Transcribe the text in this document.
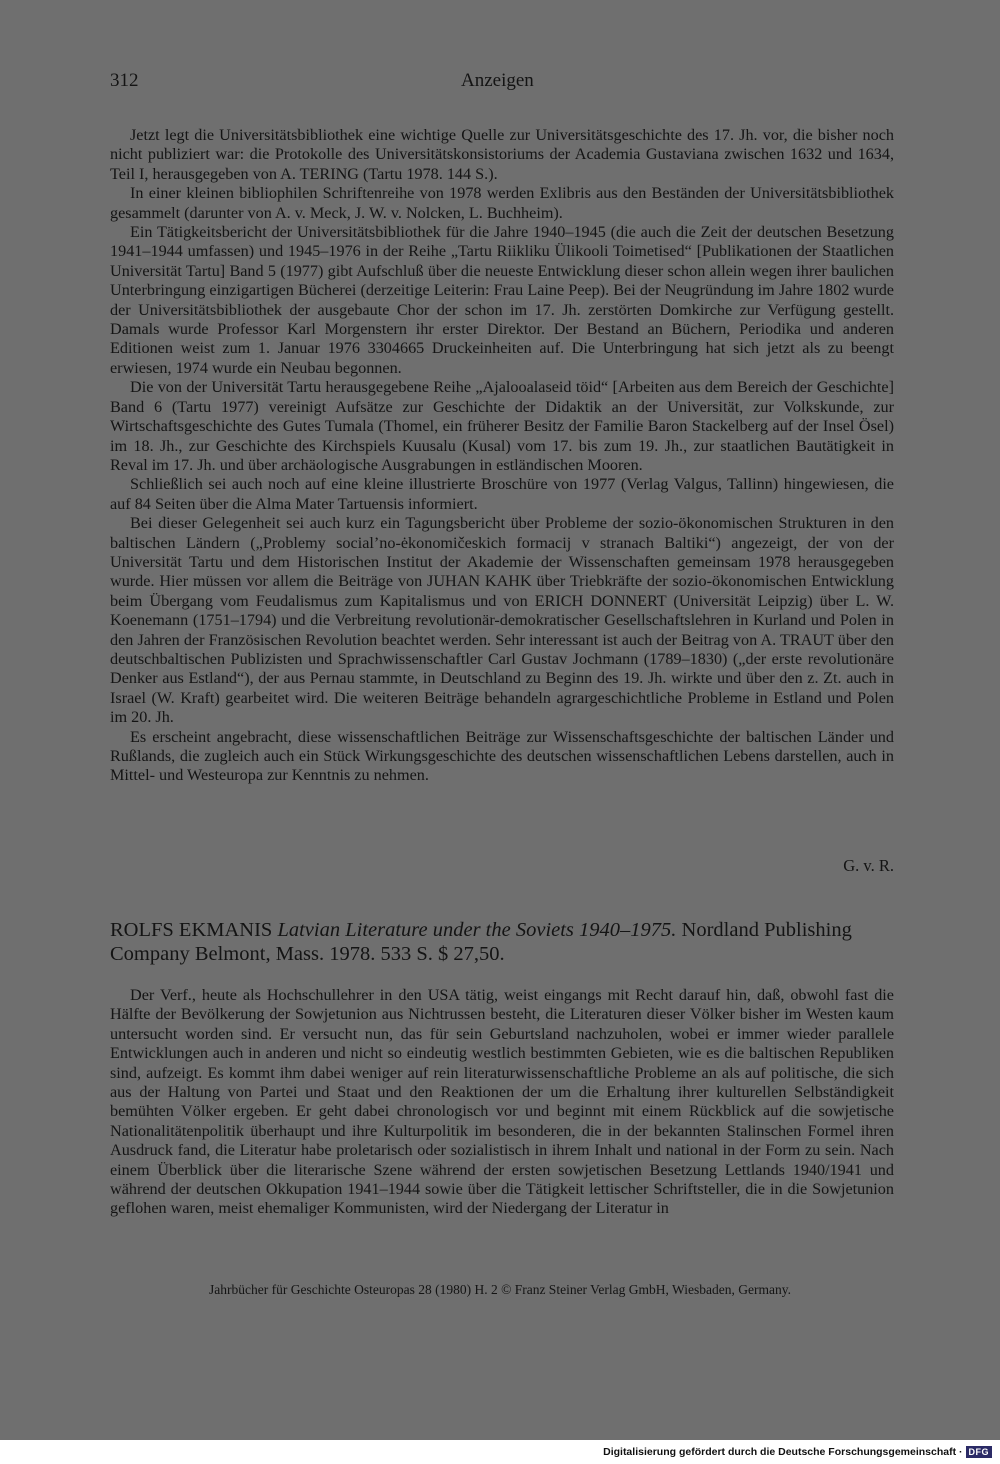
312	Anzeigen

Jetzt legt die Universitätsbibliothek eine wichtige Quelle zur Universitätsgeschichte des 17. Jh. vor, die bisher noch nicht publiziert war: die Protokolle des Universitätskonsistoriums der Academia Gustaviana zwischen 1632 und 1634, Teil I, herausgegeben von A. TERING (Tartu 1978. 144 S.).

In einer kleinen bibliophilen Schriftenreihe von 1978 werden Exlibris aus den Beständen der Universitätsbibliothek gesammelt (darunter von A. v. Meck, J. W. v. Nolcken, L. Buchheim).

Ein Tätigkeitsbericht der Universitätsbibliothek für die Jahre 1940–1945 (die auch die Zeit der deutschen Besetzung 1941–1944 umfassen) und 1945–1976 in der Reihe „Tartu Riikliku Ülikooli Toimetised“ [Publikationen der Staatlichen Universität Tartu] Band 5 (1977) gibt Aufschluß über die neueste Entwicklung dieser schon allein wegen ihrer baulichen Unterbringung einzigartigen Bücherei (derzeitige Leiterin: Frau Laine Peep). Bei der Neugründung im Jahre 1802 wurde der Universitätsbibliothek der ausgebaute Chor der schon im 17. Jh. zerstörten Domkirche zur Verfügung gestellt. Damals wurde Professor Karl Morgenstern ihr erster Direktor. Der Bestand an Büchern, Periodika und anderen Editionen weist zum 1. Januar 1976 3304665 Druckeinheiten auf. Die Unterbringung hat sich jetzt als zu beengt erwiesen, 1974 wurde ein Neubau begonnen.

Die von der Universität Tartu herausgegebene Reihe „Ajalooalaseid töid“ [Arbeiten aus dem Bereich der Geschichte] Band 6 (Tartu 1977) vereinigt Aufsätze zur Geschichte der Didaktik an der Universität, zur Volkskunde, zur Wirtschaftsgeschichte des Gutes Tumala (Thomel, ein früherer Besitz der Familie Baron Stackelberg auf der Insel Ösel) im 18. Jh., zur Geschichte des Kirchspiels Kuusalu (Kusal) vom 17. bis zum 19. Jh., zur staatlichen Bautätigkeit in Reval im 17. Jh. und über archäologische Ausgrabungen in estländischen Mooren.

Schließlich sei auch noch auf eine kleine illustrierte Broschüre von 1977 (Verlag Valgus, Tallinn) hingewiesen, die auf 84 Seiten über die Alma Mater Tartuensis informiert.

Bei dieser Gelegenheit sei auch kurz ein Tagungsbericht über Probleme der sozio-ökonomischen Strukturen in den baltischen Ländern („Problemy social’no-ėkonomičeskich formacij v stranach Baltiki“) angezeigt, der von der Universität Tartu und dem Historischen Institut der Akademie der Wissenschaften gemeinsam 1978 herausgegeben wurde. Hier müssen vor allem die Beiträge von JUHAN KAHK über Triebkräfte der sozio-ökonomischen Entwicklung beim Übergang vom Feudalismus zum Kapitalismus und von ERICH DONNERT (Universität Leipzig) über L. W. Koenemann (1751–1794) und die Verbreitung revolutionär-demokratischer Gesellschaftslehren in Kurland und Polen in den Jahren der Französischen Revolution beachtet werden. Sehr interessant ist auch der Beitrag von A. TRAUT über den deutschbaltischen Publizisten und Sprachwissenschaftler Carl Gustav Jochmann (1789–1830) („der erste revolutionäre Denker aus Estland“), der aus Pernau stammte, in Deutschland zu Beginn des 19. Jh. wirkte und über den z. Zt. auch in Israel (W. Kraft) gearbeitet wird. Die weiteren Beiträge behandeln agrargeschichtliche Probleme in Estland und Polen im 20. Jh.

Es erscheint angebracht, diese wissenschaftlichen Beiträge zur Wissenschaftsgeschichte der baltischen Länder und Rußlands, die zugleich auch ein Stück Wirkungsgeschichte des deutschen wissenschaftlichen Lebens darstellen, auch in Mittel- und Westeuropa zur Kenntnis zu nehmen.

G. v. R.
ROLFS EKMANIS Latvian Literature under the Soviets 1940–1975. Nordland Publishing Company Belmont, Mass. 1978. 533 S. $ 27,50.

Der Verf., heute als Hochschullehrer in den USA tätig, weist eingangs mit Recht darauf hin, daß, obwohl fast die Hälfte der Bevölkerung der Sowjetunion aus Nichtrussen besteht, die Literaturen dieser Völker bisher im Westen kaum untersucht worden sind. Er versucht nun, das für sein Geburtsland nachzuholen, wobei er immer wieder parallele Entwicklungen auch in anderen und nicht so eindeutig westlich bestimmten Gebieten, wie es die baltischen Republiken sind, aufzeigt. Es kommt ihm dabei weniger auf rein literaturwissenschaftliche Probleme an als auf politische, die sich aus der Haltung von Partei und Staat und den Reaktionen der um die Erhaltung ihrer kulturellen Selbständigkeit bemühten Völker ergeben. Er geht dabei chronologisch vor und beginnt mit einem Rückblick auf die sowjetische Nationalitätenpolitik überhaupt und ihre Kulturpolitik im besonderen, die in der bekannten Stalinschen Formel ihren Ausdruck fand, die Literatur habe proletarisch oder sozialistisch in ihrem Inhalt und national in der Form zu sein. Nach einem Überblick über die literarische Szene während der ersten sowjetischen Besetzung Lettlands 1940/1941 und während der deutschen Okkupation 1941–1944 sowie über die Tätigkeit lettischer Schriftsteller, die in die Sowjetunion geflohen waren, meist ehemaliger Kommunisten, wird der Niedergang der Literatur in

Jahrbücher für Geschichte Osteuropas 28 (1980) H. 2 © Franz Steiner Verlag GmbH, Wiesbaden, Germany.
Digitalisierung gefördert durch die Deutsche Forschungsgemeinschaft · DFG
